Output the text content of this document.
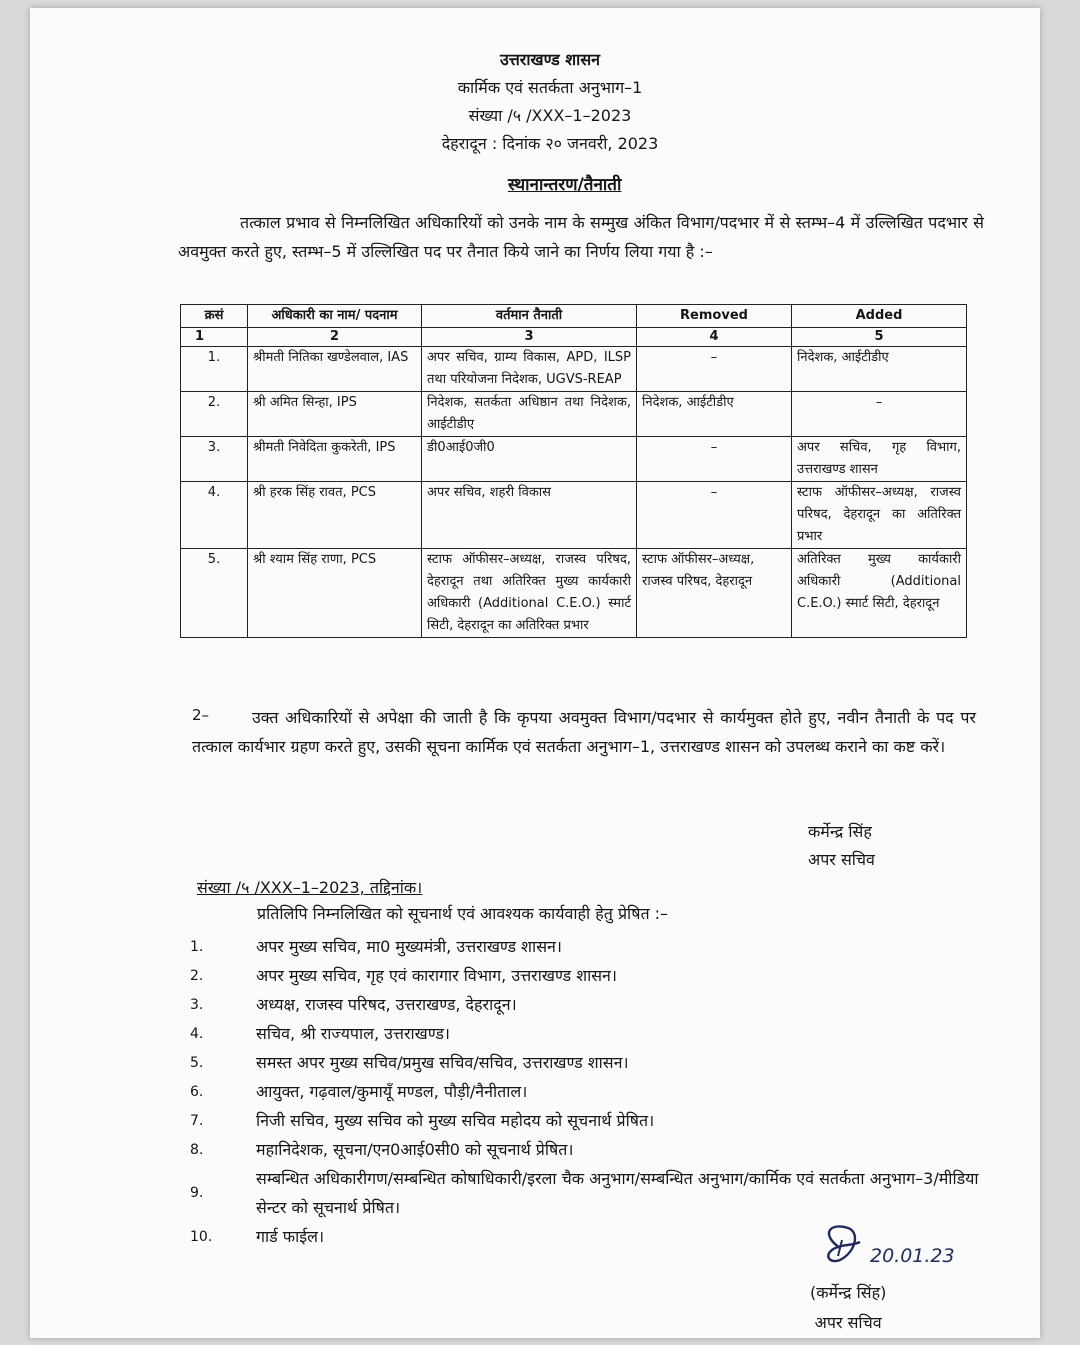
उत्तराखण्ड शासन
कार्मिक एवं सतर्कता अनुभाग–1
संख्या /५ /XXX–1–2023
देहरादून : दिनांक २० जनवरी, 2023
स्थानान्तरण/तैनाती
तत्काल प्रभाव से निम्नलिखित अधिकारियों को उनके नाम के सम्मुख अंकित विभाग/पदभार में से स्तम्भ–4 में उल्लिखित पदभार से अवमुक्त करते हुए, स्तम्भ–5 में उल्लिखित पद पर तैनात किये जाने का निर्णय लिया गया है :–
क्रसं	अधिकारी का नाम/ पदनाम	वर्तमान तैनाती	Removed	Added
1	2	3	4	5
1.	श्रीमती नितिका खण्डेलवाल, IAS	अपर सचिव, ग्राम्य विकास, APD, ILSP तथा परियोजना निदेशक, UGVS-REAP	–	निदेशक, आईटीडीए
2.	श्री अमित सिन्हा, IPS	निदेशक, सतर्कता अधिष्ठान तथा निदेशक, आईटीडीए	निदेशक, आईटीडीए	–
3.	श्रीमती निवेदिता कुकरेती, IPS	डी0आई0जी0	–	अपर सचिव, गृह विभाग, उत्तराखण्ड शासन
4.	श्री हरक सिंह रावत, PCS	अपर सचिव, शहरी विकास	–	स्टाफ ऑफीसर–अध्यक्ष, राजस्व परिषद, देहरादून का अतिरिक्त प्रभार
5.	श्री श्याम सिंह राणा, PCS	स्टाफ ऑफीसर–अध्यक्ष, राजस्व परिषद, देहरादून तथा अतिरिक्त मुख्य कार्यकारी अधिकारी (Additional C.E.O.) स्मार्ट सिटी, देहरादून का अतिरिक्त प्रभार	स्टाफ ऑफीसर–अध्यक्ष, राजस्व परिषद, देहरादून	अतिरिक्त मुख्य कार्यकारी अधिकारी (Additional C.E.O.) स्मार्ट सिटी, देहरादून
2–	उक्त अधिकारियों से अपेक्षा की जाती है कि कृपया अवमुक्त विभाग/पदभार से कार्यमुक्त होते हुए, नवीन तैनाती के पद पर तत्काल कार्यभार ग्रहण करते हुए, उसकी सूचना कार्मिक एवं सतर्कता अनुभाग–1, उत्तराखण्ड शासन को उपलब्ध कराने का कष्ट करें।
कर्मेन्द्र सिंह
अपर सचिव
संख्या /५ /XXX–1–2023, तद्दिनांक।
प्रतिलिपि निम्नलिखित को सूचनार्थ एवं आवश्यक कार्यवाही हेतु प्रेषित :–
1.	अपर मुख्य सचिव, मा0 मुख्यमंत्री, उत्तराखण्ड शासन।
2.	अपर मुख्य सचिव, गृह एवं कारागार विभाग, उत्तराखण्ड शासन।
3.	अध्यक्ष, राजस्व परिषद, उत्तराखण्ड, देहरादून।
4.	सचिव, श्री राज्यपाल, उत्तराखण्ड।
5.	समस्त अपर मुख्य सचिव/प्रमुख सचिव/सचिव, उत्तराखण्ड शासन।
6.	आयुक्त, गढ़वाल/कुमायूँ मण्डल, पौड़ी/नैनीताल।
7.	निजी सचिव, मुख्य सचिव को मुख्य सचिव महोदय को सूचनार्थ प्रेषित।
8.	महानिदेशक, सूचना/एन0आई0सी0 को सूचनार्थ प्रेषित।
9.
सम्बन्धित अधिकारीगण/सम्बन्धित कोषाधिकारी/इरला चैक अनुभाग/सम्बन्धित अनुभाग/कार्मिक एवं सतर्कता अनुभाग–3/मीडिया सेन्टर को सूचनार्थ प्रेषित।
10.	गार्ड फाईल।
20.01.23
(कर्मेन्द्र सिंह)
अपर सचिव
